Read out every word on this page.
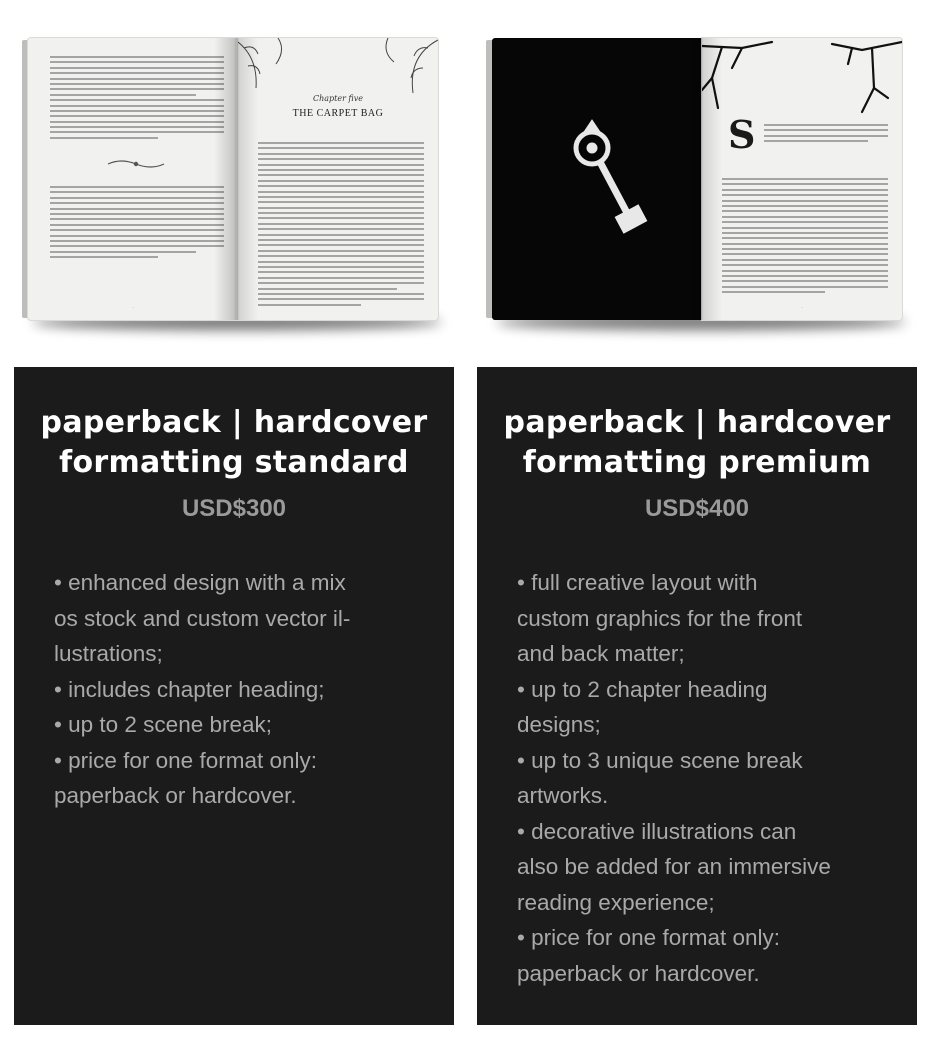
·
Chapter five
THE CARPET BAG	S
·
paperback | hardcover
formatting standard
USD$300
• enhanced design with a mix
os stock and custom vector il-
lustrations;
• includes chapter heading;
• up to 2 scene break;
• price for one format only:
paperback or hardcover.
paperback | hardcover
formatting premium
USD$400
• full creative layout with
custom graphics for the front
and back matter;
• up to 2 chapter heading
designs;
• up to 3 unique scene break
artworks.
• decorative illustrations can
also be added for an immersive
reading experience;
• price for one format only:
paperback or hardcover.
